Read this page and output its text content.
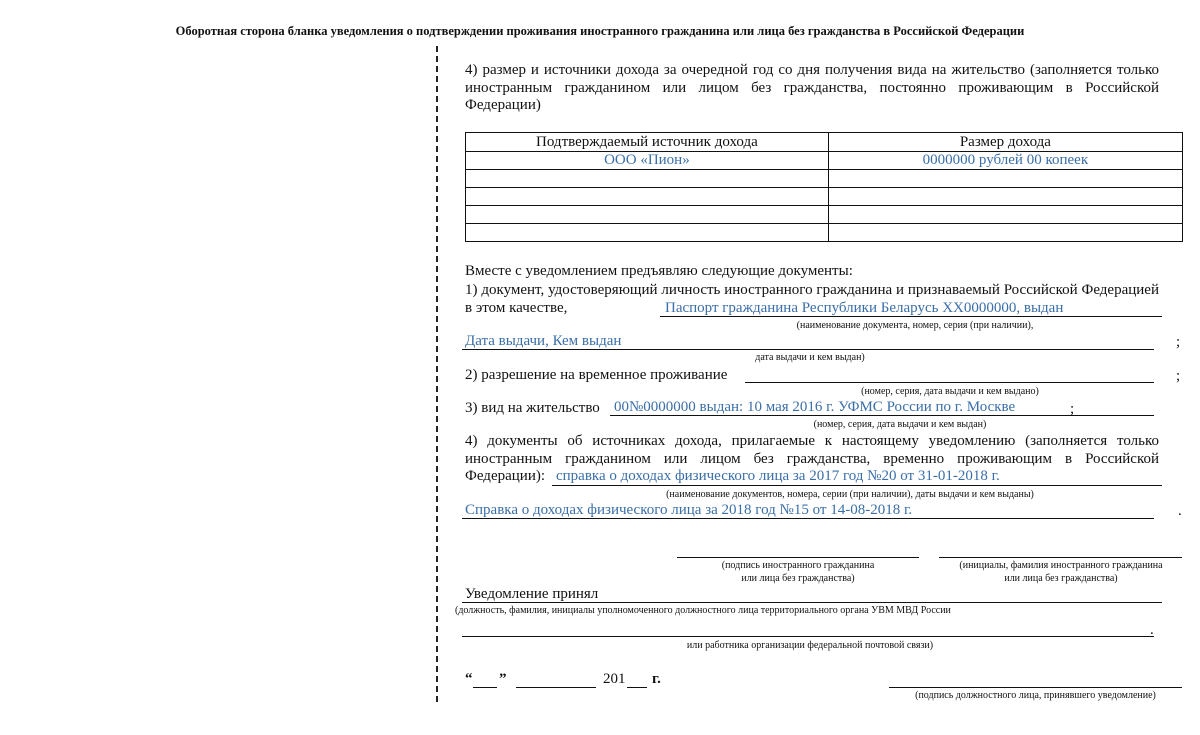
Оборотная сторона бланка уведомления о подтверждении проживания иностранного гражданина или лица без гражданства в Российской Федерации
4) размер и источники дохода за очередной год со дня получения вида на жительство (заполняется только иностранным гражданином или лицом без гражданства, постоянно проживающим в Российской Федерации)
Подтверждаемый источник дохода	Размер дохода
ООО «Пион»	0000000 рублей 00 копеек

Вместе с уведомлением предъявляю следующие документы:
1) документ, удостоверяющий личность иностранного гражданина и признаваемый Российской Федерацией в этом качестве,	Паспорт гражданина Республики Беларусь ХХ0000000, выдан
(наименование документа, номер, серия (при наличии),
Дата выдачи, Кем выдан	;
дата выдачи и кем выдан)
2) разрешение на временное проживание	;
(номер, серия, дата выдачи и кем выдано)
3) вид на жительство 00№0000000 выдан: 10 мая 2016 г. УФМС России по г. Москве	;
(номер, серия, дата выдачи и кем выдан)
4) документы об источниках дохода, прилагаемые к настоящему уведомлению (заполняется только иностранным гражданином или лицом без гражданства, временно проживающим в Российской Федерации): справка о доходах физического лица за 2017 год №20 от 31-01-2018 г.
(наименование документов, номера, серии (при наличии), даты выдачи и кем выданы)
Справка о доходах физического лица за 2018 год №15 от 14-08-2018 г.	.
(подпись иностранного гражданина
или лица без гражданства)
(инициалы, фамилия иностранного гражданина
или лица без гражданства)
Уведомление принял
(должность, фамилия, инициалы уполномоченного должностного лица территориального органа УВМ МВД России
.
или работника организации федеральной почтовой связи)
“ ”	201 г.
(подпись должностного лица, принявшего уведомление)
